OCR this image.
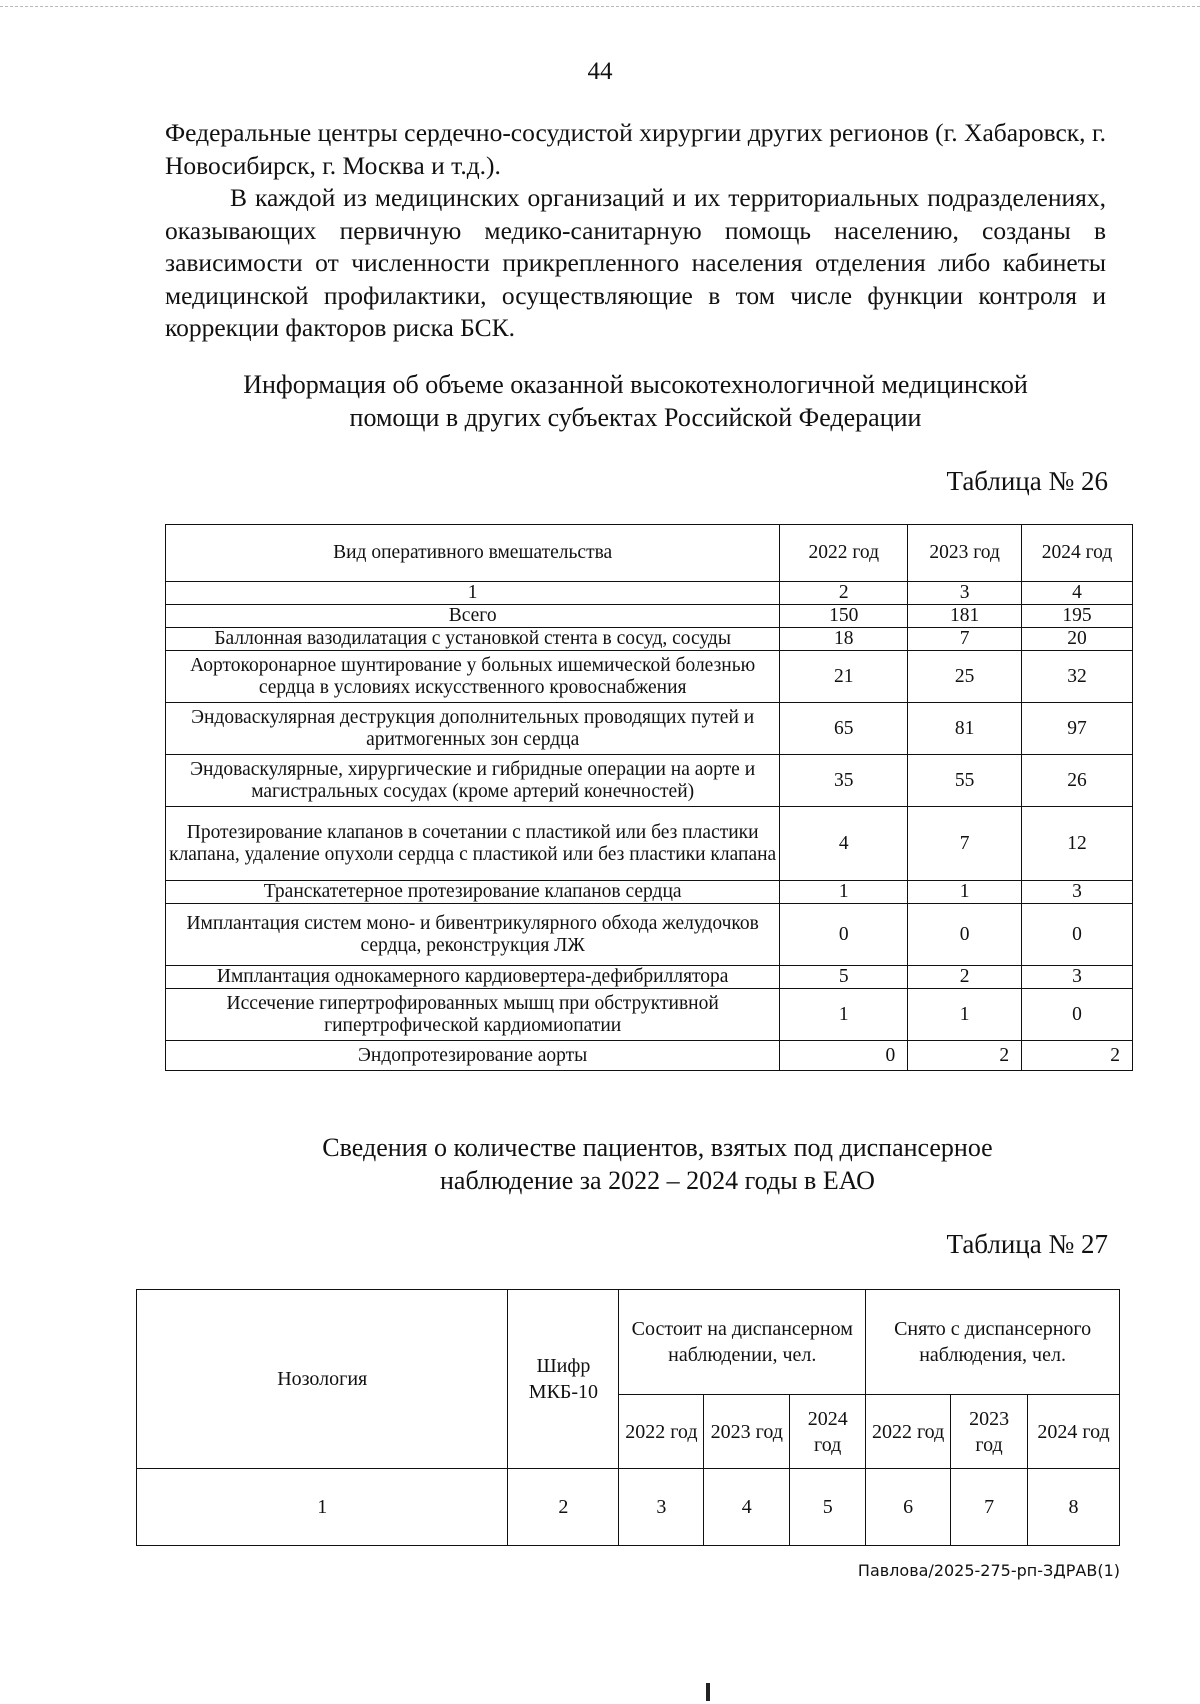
44

Федеральные центры сердечно-сосудистой хирургии других регионов (г. Хабаровск, г. Новосибирск, г. Москва и т.д.).

В каждой из медицинских организаций и их территориальных подразделениях, оказывающих первичную медико-санитарную помощь населению, созданы в зависимости от численности прикрепленного населения отделения либо кабинеты медицинской профилактики, осуществляющие в том числе функции контроля и коррекции факторов риска БСК.

Информация об объеме оказанной высокотехнологичной медицинской
помощи в других субъектах Российской Федерации
Таблица № 26
Вид оперативного вмешательства	2022 год	2023 год	2024 год
1	2	3	4
Всего	150	181	195
Баллонная вазодилатация с установкой стента в сосуд, сосуды	18	7	20
Аортокоронарное шунтирование у больных ишемической болезнью сердца в условиях искусственного кровоснабжения	21	25	32
Эндоваскулярная деструкция дополнительных проводящих путей и аритмогенных зон сердца	65	81	97
Эндоваскулярные, хирургические и гибридные операции на аорте и магистральных сосудах (кроме артерий конечностей)	35	55	26
Протезирование клапанов в сочетании с пластикой или без пластики клапана, удаление опухоли сердца с пластикой или без пластики клапана	4	7	12
Транскатетерное протезирование клапанов сердца	1	1	3
Имплантация систем моно- и бивентрикулярного обхода желудочков сердца, реконструкция ЛЖ	0	0	0
Имплантация однокамерного кардиовертера-дефибриллятора	5	2	3
Иссечение гипертрофированных мышц при обструктивной гипертрофической кардиомиопатии	1	1	0
Эндопротезирование аорты	0	2	2
Сведения о количестве пациентов, взятых под диспансерное
наблюдение за 2022 – 2024 годы в ЕАО
Таблица № 27
Нозология	Шифр МКБ-10	Состоит на диспансерном наблюдении, чел.			Снято с диспансерного наблюдения, чел.		
		2022 год	2023 год	2024 год	2022 год	2023 год	2024 год
1	2	3	4	5	6	7	8
Павлова/2025-275-рп-ЗДРАВ(1)
